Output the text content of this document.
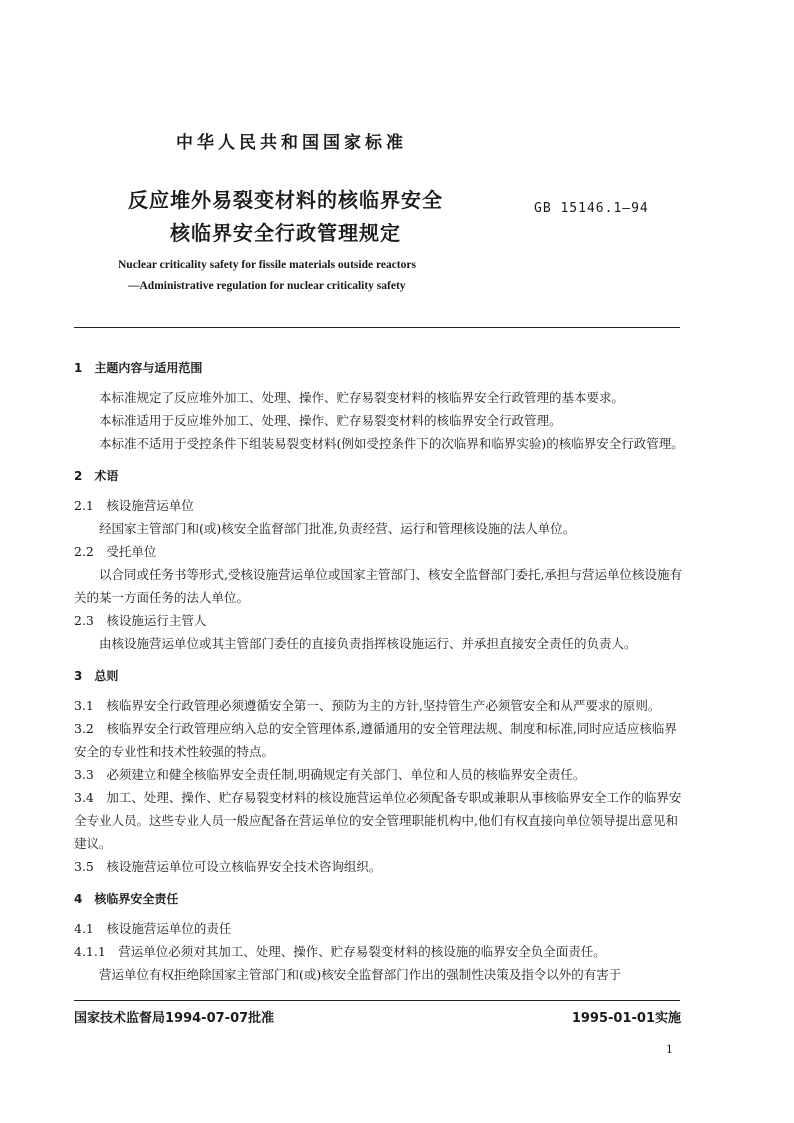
中华人民共和国国家标准
反应堆外易裂变材料的核临界安全
核临界安全行政管理规定
GB 15146.1—94
Nuclear criticality safety for fissile materials outside reactors
—Administrative regulation for nuclear criticality safety

1　主题内容与适用范围

本标准规定了反应堆外加工、处理、操作、贮存易裂变材料的核临界安全行政管理的基本要求。

本标准适用于反应堆外加工、处理、操作、贮存易裂变材料的核临界安全行政管理。

本标准不适用于受控条件下组装易裂变材料(例如受控条件下的次临界和临界实验)的核临界安全行政管理。

2　术语

2.1　核设施营运单位

经国家主管部门和(或)核安全监督部门批准,负责经营、运行和管理核设施的法人单位。

2.2　受托单位

以合同或任务书等形式,受核设施营运单位或国家主管部门、核安全监督部门委托,承担与营运单位核设施有关的某一方面任务的法人单位。

2.3　核设施运行主管人

由核设施营运单位或其主管部门委任的直接负责指挥核设施运行、并承担直接安全责任的负责人。

3　总则

3.1　核临界安全行政管理必须遵循安全第一、预防为主的方针,坚持管生产必须管安全和从严要求的原则。

3.2　核临界安全行政管理应纳入总的安全管理体系,遵循通用的安全管理法规、制度和标准,同时应适应核临界安全的专业性和技术性较强的特点。

3.3　必须建立和健全核临界安全责任制,明确规定有关部门、单位和人员的核临界安全责任。

3.4　加工、处理、操作、贮存易裂变材料的核设施营运单位必须配备专职或兼职从事核临界安全工作的临界安全专业人员。这些专业人员一般应配备在营运单位的安全管理职能机构中,他们有权直接向单位领导提出意见和建议。

3.5　核设施营运单位可设立核临界安全技术咨询组织。

4　核临界安全责任

4.1　核设施营运单位的责任

4.1.1　营运单位必须对其加工、处理、操作、贮存易裂变材料的核设施的临界安全负全面责任。

营运单位有权拒绝除国家主管部门和(或)核安全监督部门作出的强制性决策及指令以外的有害于

国家技术监督局1994-07-07批准	1995-01-01实施
1
